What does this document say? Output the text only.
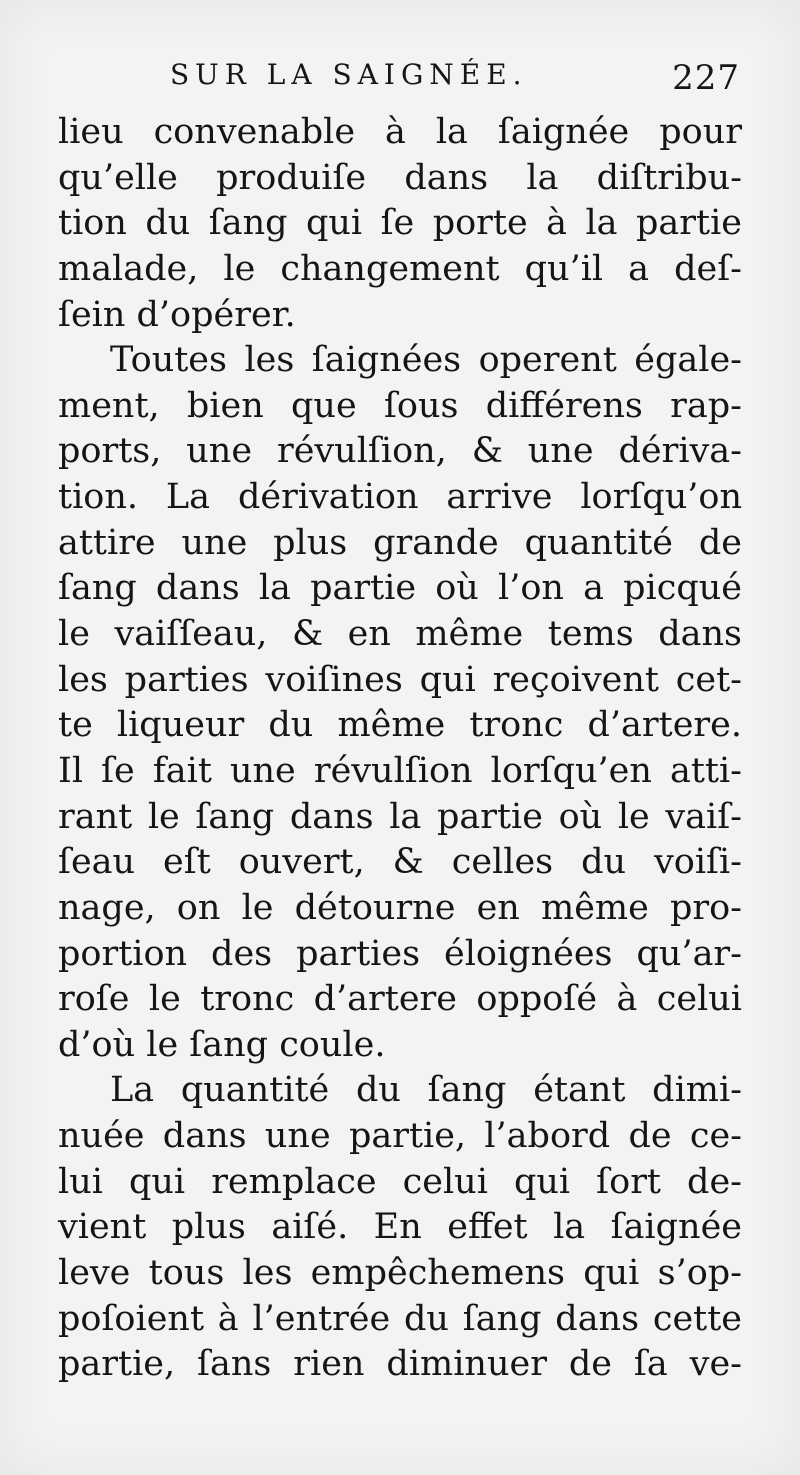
SUR LA SAIGNÉE.	227
lieu convenable à la ſaignée pour
qu’elle produiſe dans la diſtribu-
tion du ſang qui ſe porte à la partie
malade, le changement qu’il a deſ-
ſein d’opérer.
Toutes les ſaignées operent égale-
ment, bien que ſous différens rap-
ports, une révulſion, & une dériva-
tion. La dérivation arrive lorſqu’on
attire une plus grande quantité de
ſang dans la partie où l’on a picqué
le vaiſſeau, & en même tems dans
les parties voiſines qui reçoivent cet-
te liqueur du même tronc d’artere.
Il ſe fait une révulſion lorſqu’en atti-
rant le ſang dans la partie où le vaiſ-
ſeau eſt ouvert, & celles du voiſi-
nage, on le détourne en même pro-
portion des parties éloignées qu’ar-
roſe le tronc d’artere oppoſé à celui
d’où le ſang coule.
La quantité du ſang étant dimi-
nuée dans une partie, l’abord de ce-
lui qui remplace celui qui ſort de-
vient plus aiſé. En effet la ſaignée
leve tous les empêchemens qui s’op-
poſoient à l’entrée du ſang dans cette
partie, ſans rien diminuer de ſa ve-
